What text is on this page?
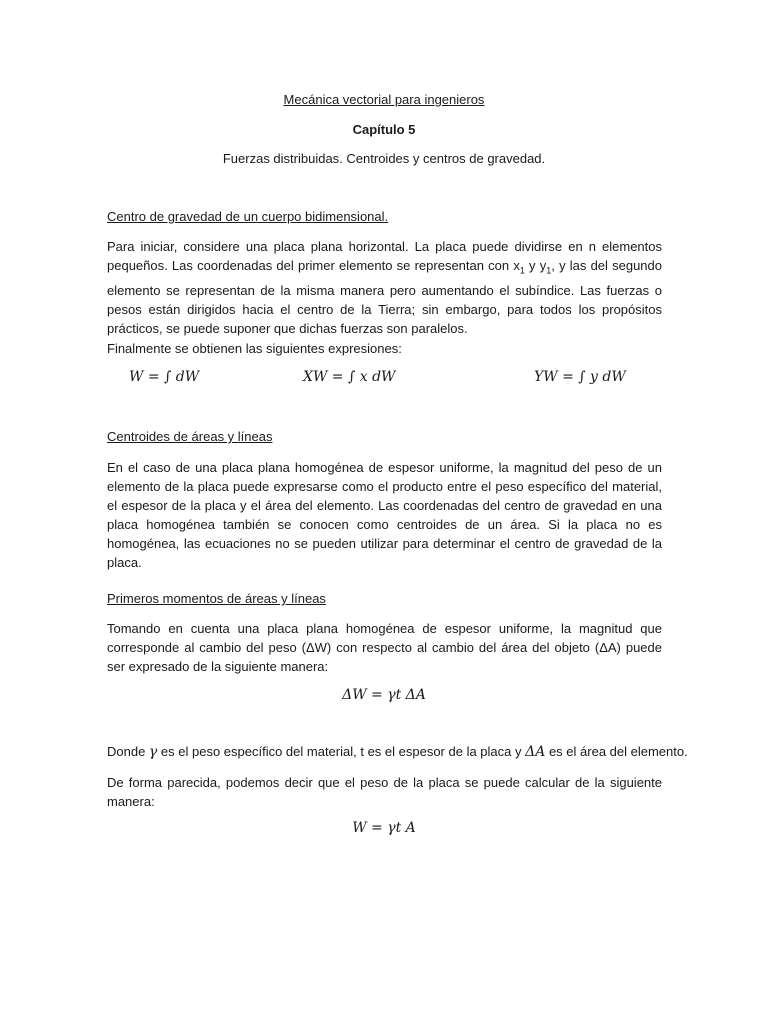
Mecánica vectorial para ingenieros
Capítulo 5
Fuerzas distribuidas. Centroides y centros de gravedad.
Centro de gravedad de un cuerpo bidimensional.
Para iniciar, considere una placa plana horizontal. La placa puede dividirse en n elementos pequeños. Las coordenadas del primer elemento se representan con $x_1$ y $y_1$, y las del segundo elemento se representan de la misma manera pero aumentando el subíndice. Las fuerzas o pesos están dirigidos hacia el centro de la Tierra; sin embargo, para todos los propósitos prácticos, se puede suponer que dichas fuerzas son paralelos.
Finalmente se obtienen las siguientes expresiones:
W = ∫ dW	XW = ∫ x dW	YW = ∫ y dW
Centroides de áreas y líneas
En el caso de una placa plana homogénea de espesor uniforme, la magnitud del peso de un elemento de la placa puede expresarse como el producto entre el peso específico del material, el espesor de la placa y el área del elemento. Las coordenadas del centro de gravedad en una placa homogénea también se conocen como centroides de un área. Si la placa no es homogénea, las ecuaciones no se pueden utilizar para determinar el centro de gravedad de la placa.
Primeros momentos de áreas y líneas
Tomando en cuenta una placa plana homogénea de espesor uniforme, la magnitud que corresponde al cambio del peso (ΔW) con respecto al cambio del área del objeto (ΔA) puede ser expresado de la siguiente manera:
ΔW = γt ΔA
Donde γ es el peso específico del material, t es el espesor de la placa y ΔA es el área del elemento.
De forma parecida, podemos decir que el peso de la placa se puede calcular de la siguiente manera:
W = γt A
